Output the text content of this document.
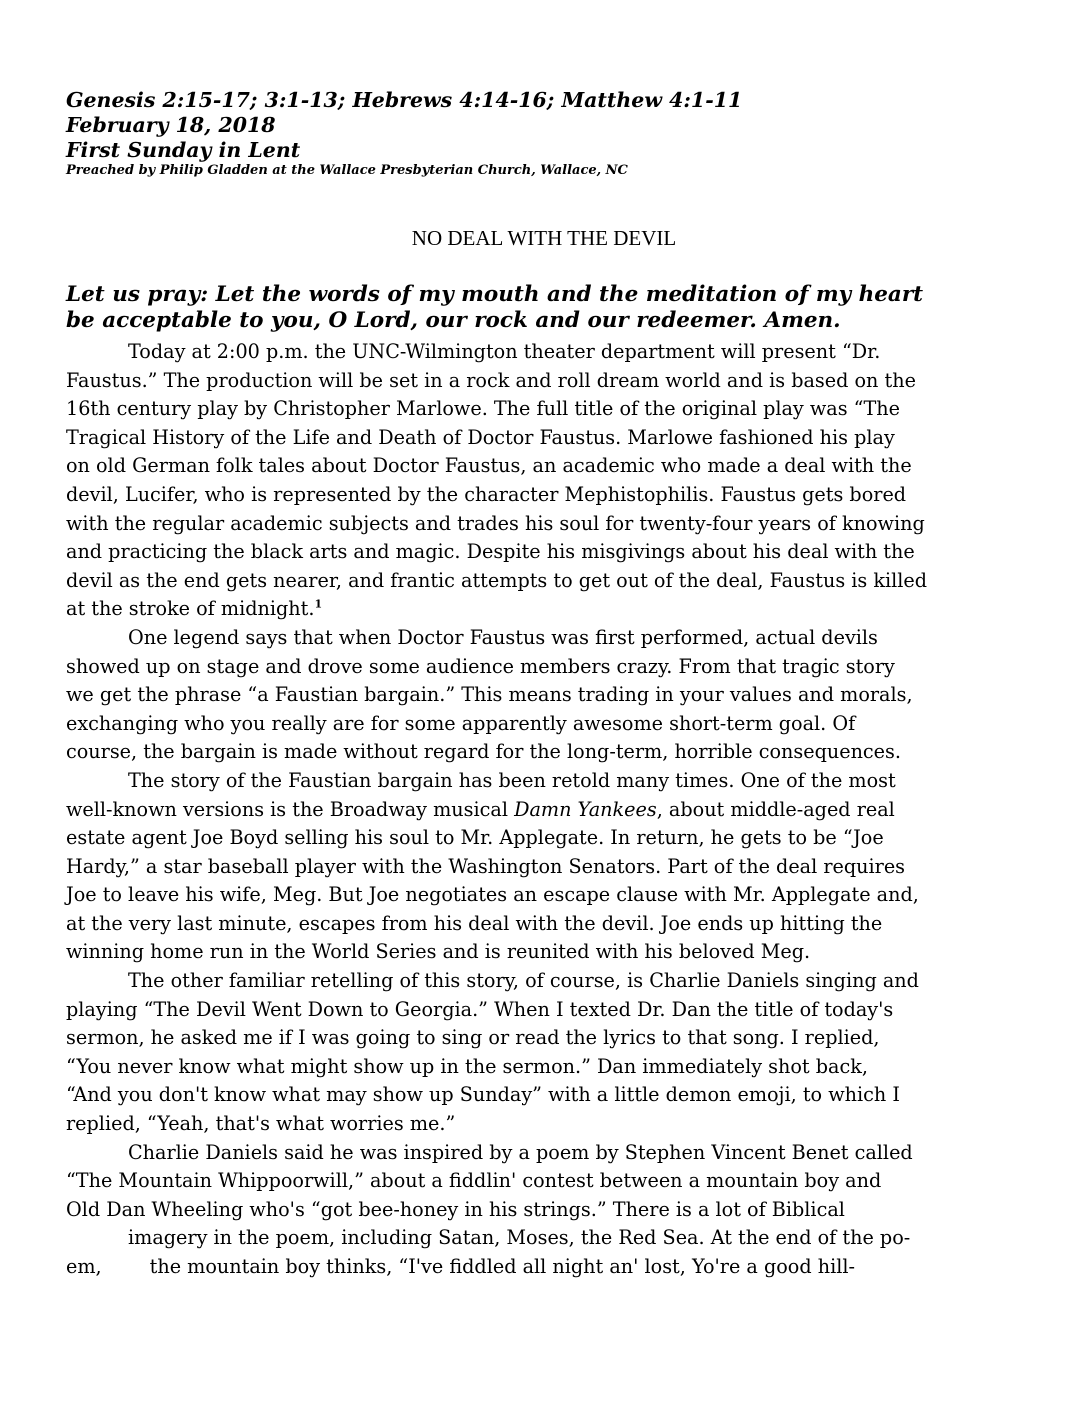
Genesis 2:15-17; 3:1-13; Hebrews 4:14-16; Matthew 4:1-11
February 18, 2018
First Sunday in Lent
Preached by Philip Gladden at the Wallace Presbyterian Church, Wallace, NC
NO DEAL WITH THE DEVIL
Let us pray: Let the words of my mouth and the meditation of my heart
be acceptable to you, O Lord, our rock and our redeemer. Amen.
Today at 2:00 p.m. the UNC-Wilmington theater department will present “Dr.
Faustus.” The production will be set in a rock and roll dream world and is based on the
16th century play by Christopher Marlowe. The full title of the original play was “The
Tragical History of the Life and Death of Doctor Faustus. Marlowe fashioned his play
on old German folk tales about Doctor Faustus, an academic who made a deal with the
devil, Lucifer, who is represented by the character Mephistophilis. Faustus gets bored
with the regular academic subjects and trades his soul for twenty-four years of knowing
and practicing the black arts and magic. Despite his misgivings about his deal with the
devil as the end gets nearer, and frantic attempts to get out of the deal, Faustus is killed
at the stroke of midnight.$^1$
One legend says that when Doctor Faustus was first performed, actual devils
showed up on stage and drove some audience members crazy. From that tragic story
we get the phrase “a Faustian bargain.” This means trading in your values and morals,
exchanging who you really are for some apparently awesome short-term goal. Of
course, the bargain is made without regard for the long-term, horrible consequences.
The story of the Faustian bargain has been retold many times. One of the most
well-known versions is the Broadway musical Damn Yankees, about middle-aged real
estate agent Joe Boyd selling his soul to Mr. Applegate. In return, he gets to be “Joe
Hardy,” a star baseball player with the Washington Senators. Part of the deal requires
Joe to leave his wife, Meg. But Joe negotiates an escape clause with Mr. Applegate and,
at the very last minute, escapes from his deal with the devil. Joe ends up hitting the
winning home run in the World Series and is reunited with his beloved Meg.
The other familiar retelling of this story, of course, is Charlie Daniels singing and
playing “The Devil Went Down to Georgia.” When I texted Dr. Dan the title of today's
sermon, he asked me if I was going to sing or read the lyrics to that song. I replied,
“You never know what might show up in the sermon.” Dan immediately shot back,
“And you don't know what may show up Sunday” with a little demon emoji, to which I
replied, “Yeah, that's what worries me.”
Charlie Daniels said he was inspired by a poem by Stephen Vincent Benet called
“The Mountain Whippoorwill,” about a fiddlin' contest between a mountain boy and
Old Dan Wheeling who's “got bee-honey in his strings.” There is a lot of Biblical
imagery in the poem, including Satan, Moses, the Red Sea. At the end of the po-
em,	the mountain boy thinks, “I've fiddled all night an' lost, Yo're a good hill-
